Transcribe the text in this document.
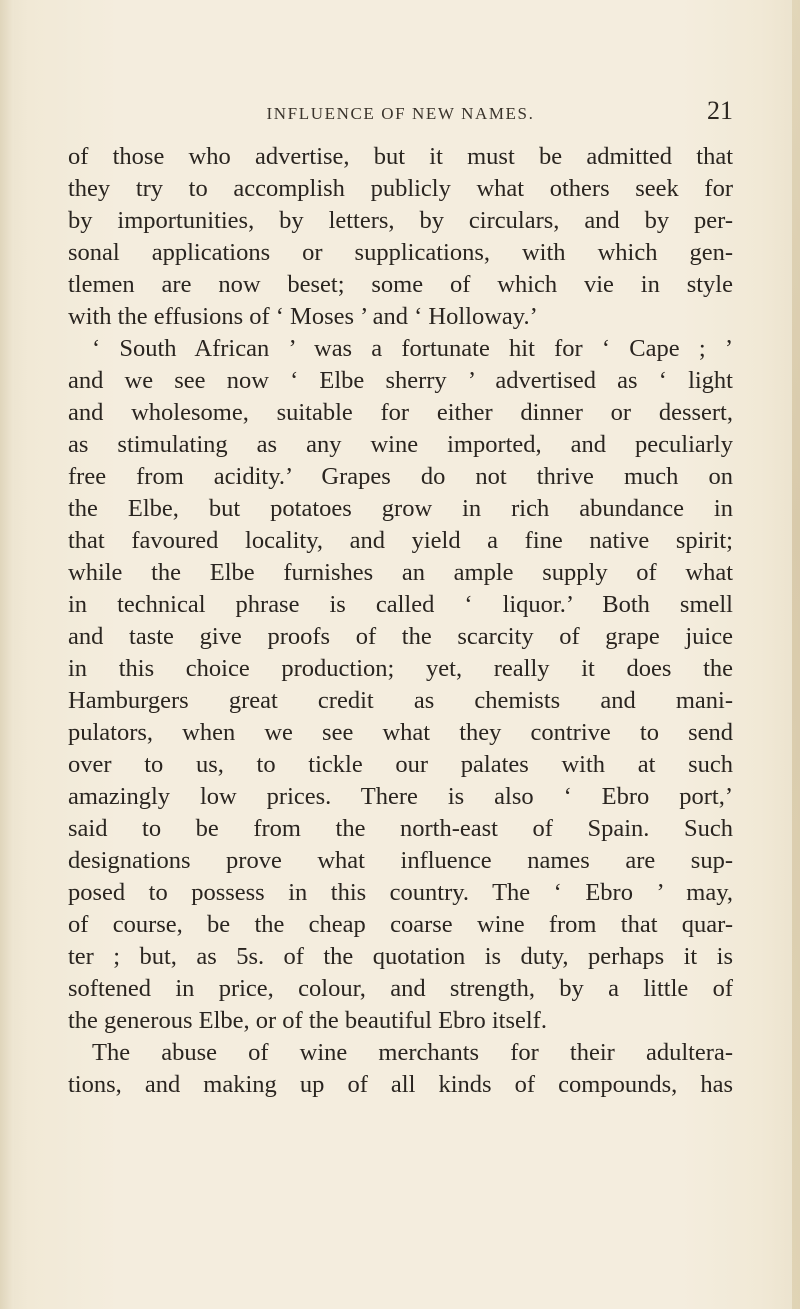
INFLUENCE OF NEW NAMES.	21
of those who advertise, but it must be admitted that
they try to accomplish publicly what others seek for
by importunities, by letters, by circulars, and by per-
sonal applications or supplications, with which gen-
tlemen are now beset; some of which vie in style
with the effusions of ‘ Moses ’ and ‘ Holloway.’
‘ South African ’ was a fortunate hit for ‘ Cape ; ’
and we see now ‘ Elbe sherry ’ advertised as ‘ light
and wholesome, suitable for either dinner or dessert,
as stimulating as any wine imported, and peculiarly
free from acidity.’ Grapes do not thrive much on
the Elbe, but potatoes grow in rich abundance in
that favoured locality, and yield a fine native spirit;
while the Elbe furnishes an ample supply of what
in technical phrase is called ‘ liquor.’ Both smell
and taste give proofs of the scarcity of grape juice
in this choice production; yet, really it does the
Hamburgers great credit as chemists and mani-
pulators, when we see what they contrive to send
over to us, to tickle our palates with at such
amazingly low prices. There is also ‘ Ebro port,’
said to be from the north-east of Spain. Such
designations prove what influence names are sup-
posed to possess in this country. The ‘ Ebro ’ may,
of course, be the cheap coarse wine from that quar-
ter ; but, as 5s. of the quotation is duty, perhaps it is
softened in price, colour, and strength, by a little of
the generous Elbe, or of the beautiful Ebro itself.
The abuse of wine merchants for their adultera-
tions, and making up of all kinds of compounds, has
